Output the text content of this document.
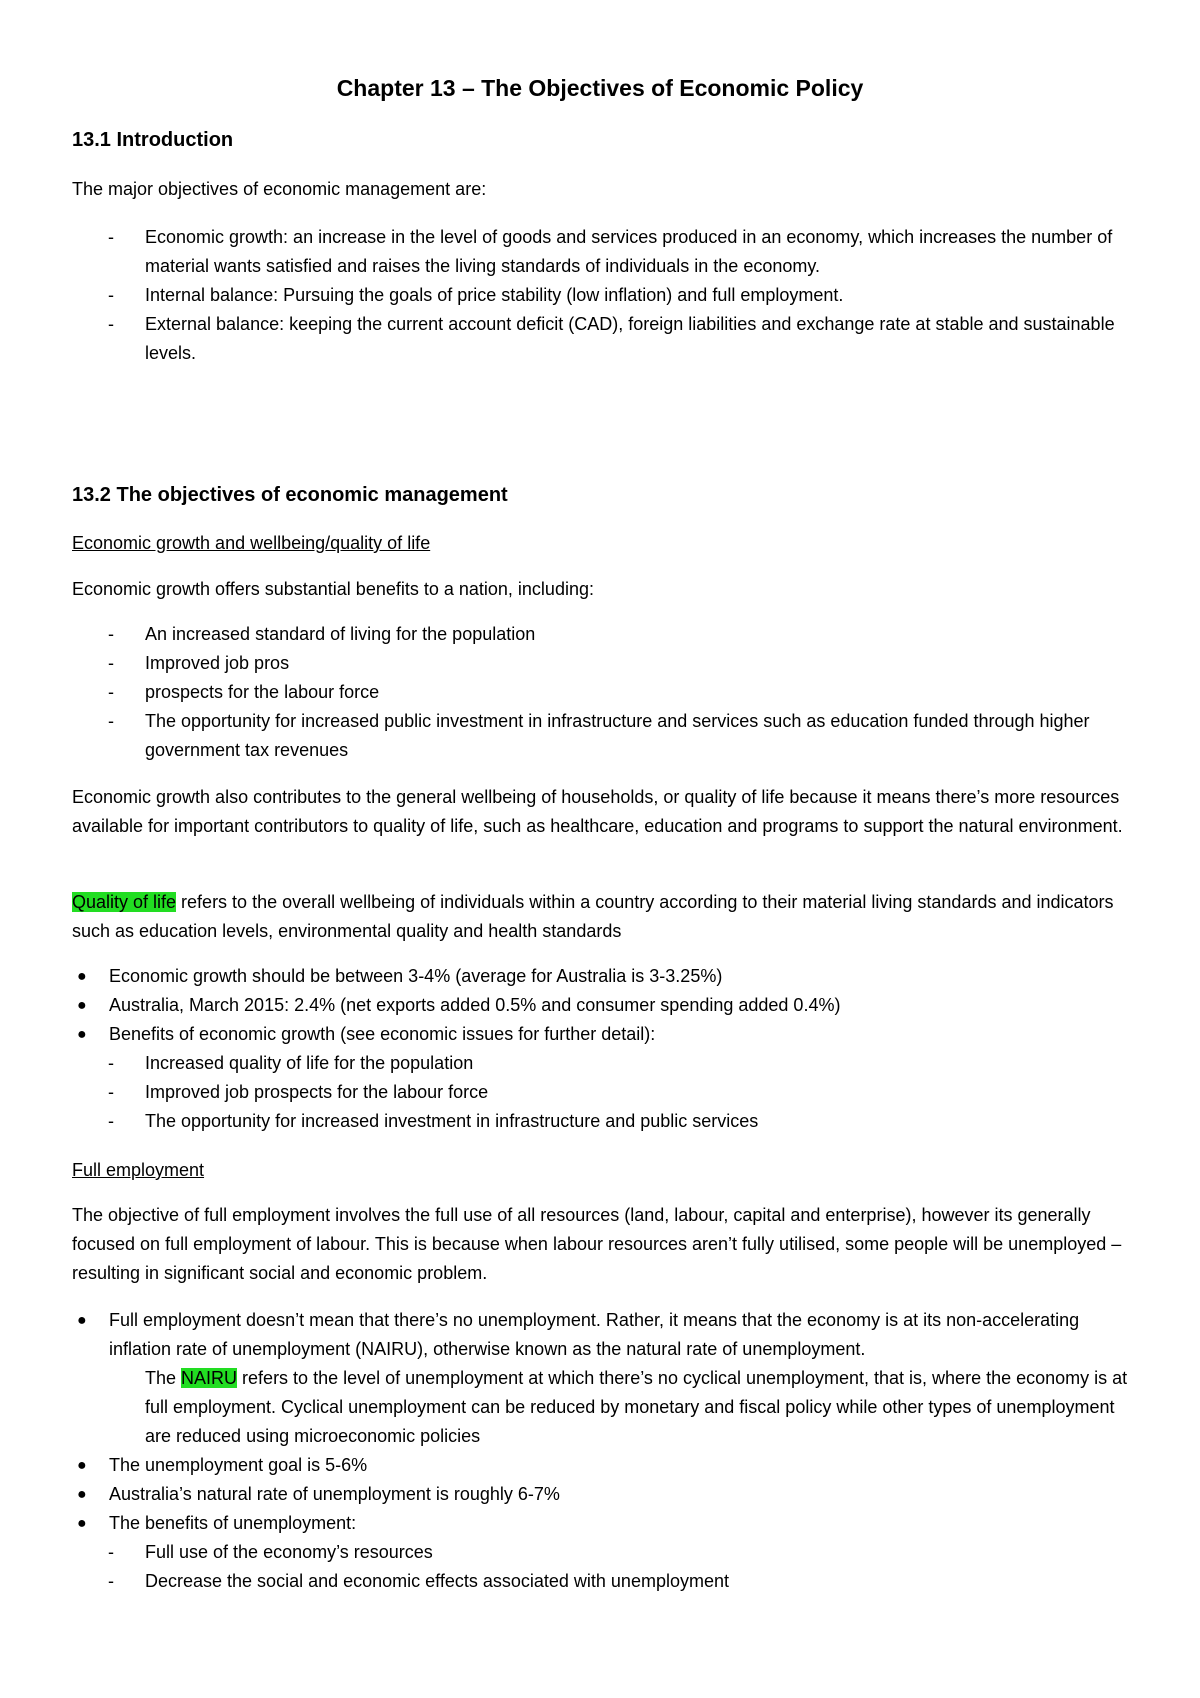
Chapter 13 – The Objectives of Economic Policy
13.1 Introduction

The major objectives of economic management are:

- Economic growth: an increase in the level of goods and services produced in an economy, which increases the number of material wants satisfied and raises the living standards of individuals in the economy.
- Internal balance: Pursuing the goals of price stability (low inflation) and full employment.
- External balance: keeping the current account deficit (CAD), foreign liabilities and exchange rate at stable and sustainable levels.
13.2 The objectives of economic management
Economic growth and wellbeing/quality of life

Economic growth offers substantial benefits to a nation, including:

- An increased standard of living for the population
- Improved job pros
- prospects for the labour force
- The opportunity for increased public investment in infrastructure and services such as education funded through higher government tax revenues

Economic growth also contributes to the general wellbeing of households, or quality of life because it means there’s more resources available for important contributors to quality of life, such as healthcare, education and programs to support the natural environment.

Quality of life refers to the overall wellbeing of individuals within a country according to their material living standards and indicators such as education levels, environmental quality and health standards

● Economic growth should be between 3-4% (average for Australia is 3-3.25%)
● Australia, March 2015: 2.4% (net exports added 0.5% and consumer spending added 0.4%)
● Benefits of economic growth (see economic issues for further detail):
- Increased quality of life for the population
- Improved job prospects for the labour force
- The opportunity for increased investment in infrastructure and public services
Full employment

The objective of full employment involves the full use of all resources (land, labour, capital and enterprise), however its generally focused on full employment of labour. This is because when labour resources aren’t fully utilised, some people will be unemployed – resulting in significant social and economic problem.

● Full employment doesn’t mean that there’s no unemployment. Rather, it means that the economy is at its non-accelerating inflation rate of unemployment (NAIRU), otherwise known as the natural rate of unemployment.
The NAIRU refers to the level of unemployment at which there’s no cyclical unemployment, that is, where the economy is at full employment. Cyclical unemployment can be reduced by monetary and fiscal policy while other types of unemployment are reduced using microeconomic policies
● The unemployment goal is 5-6%
● Australia’s natural rate of unemployment is roughly 6-7%
● The benefits of unemployment:
- Full use of the economy’s resources
- Decrease the social and economic effects associated with unemployment
